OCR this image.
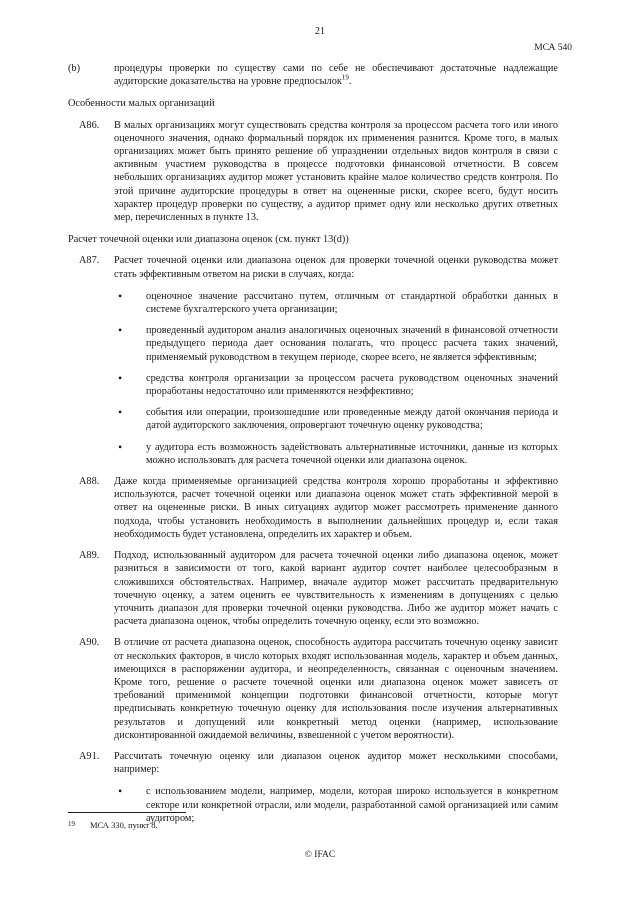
21
МСА 540
(b)	процедуры проверки по существу сами по себе не обеспечивают достаточные надлежащие аудиторские доказательства на уровне предпосылок$^{19}$.
Особенности малых организаций
A86.	В малых организациях могут существовать средства контроля за процессом расчета того или иного оценочного значения, однако формальный порядок их применения разнится. Кроме того, в малых организациях может быть принято решение об упразднении отдельных видов контроля в связи с активным участием руководства в процессе подготовки финансовой отчетности. В совсем небольших организациях аудитор может установить крайне малое количество средств контроля. По этой причине аудиторские процедуры в ответ на оцененные риски, скорее всего, будут носить характер процедур проверки по существу, а аудитор примет одну или несколько других ответных мер, перечисленных в пункте 13.
Расчет точечной оценки или диапазона оценок (см. пункт 13(d))
A87.	Расчет точечной оценки или диапазона оценок для проверки точечной оценки руководства может стать эффективным ответом на риски в случаях, когда:
•	оценочное значение рассчитано путем, отличным от стандартной обработки данных в системе бухгалтерского учета организации;
•	проведенный аудитором анализ аналогичных оценочных значений в финансовой отчетности предыдущего периода дает основания полагать, что процесс расчета таких значений, применяемый руководством в текущем периоде, скорее всего, не является эффективным;
•	средства контроля организации за процессом расчета руководством оценочных значений проработаны недостаточно или применяются неэффективно;
•	события или операции, произошедшие или проведенные между датой окончания периода и датой аудиторского заключения, опровергают точечную оценку руководства;
•	у аудитора есть возможность задействовать альтернативные источники, данные из которых можно использовать для расчета точечной оценки или диапазона оценок.
A88.	Даже когда применяемые организацией средства контроля хорошо проработаны и эффективно используются, расчет точечной оценки или диапазона оценок может стать эффективной мерой в ответ на оцененные риски. В иных ситуациях аудитор может рассмотреть применение данного подхода, чтобы установить необходимость в выполнении дальнейших процедур и, если такая необходимость будет установлена, определить их характер и объем.
A89.	Подход, использованный аудитором для расчета точечной оценки либо диапазона оценок, может разниться в зависимости от того, какой вариант аудитор сочтет наиболее целесообразным в сложившихся обстоятельствах. Например, вначале аудитор может рассчитать предварительную точечную оценку, а затем оценить ее чувствительность к изменениям в допущениях с целью уточнить диапазон для проверки точечной оценки руководства. Либо же аудитор может начать с расчета диапазона оценок, чтобы определить точечную оценку, если это возможно.
A90.	В отличие от расчета диапазона оценок, способность аудитора рассчитать точечную оценку зависит от нескольких факторов, в число которых входят использованная модель, характер и объем данных, имеющихся в распоряжении аудитора, и неопределенность, связанная с оценочным значением. Кроме того, решение о расчете точечной оценки или диапазона оценок может зависеть от требований применимой концепции подготовки финансовой отчетности, которые могут предписывать конкретную точечную оценку для использования после изучения альтернативных результатов и допущений или конкретный метод оценки (например, использование дисконтированной ожидаемой величины, взвешенной с учетом вероятности).
A91.	Рассчитать точечную оценку или диапазон оценок аудитор может несколькими способами, например:
•	с использованием модели, например, модели, которая широко используется в конкретном секторе или конкретной отрасли, или модели, разработанной самой организацией или самим аудитором;
19	МСА 330, пункт 8.
© IFAC
